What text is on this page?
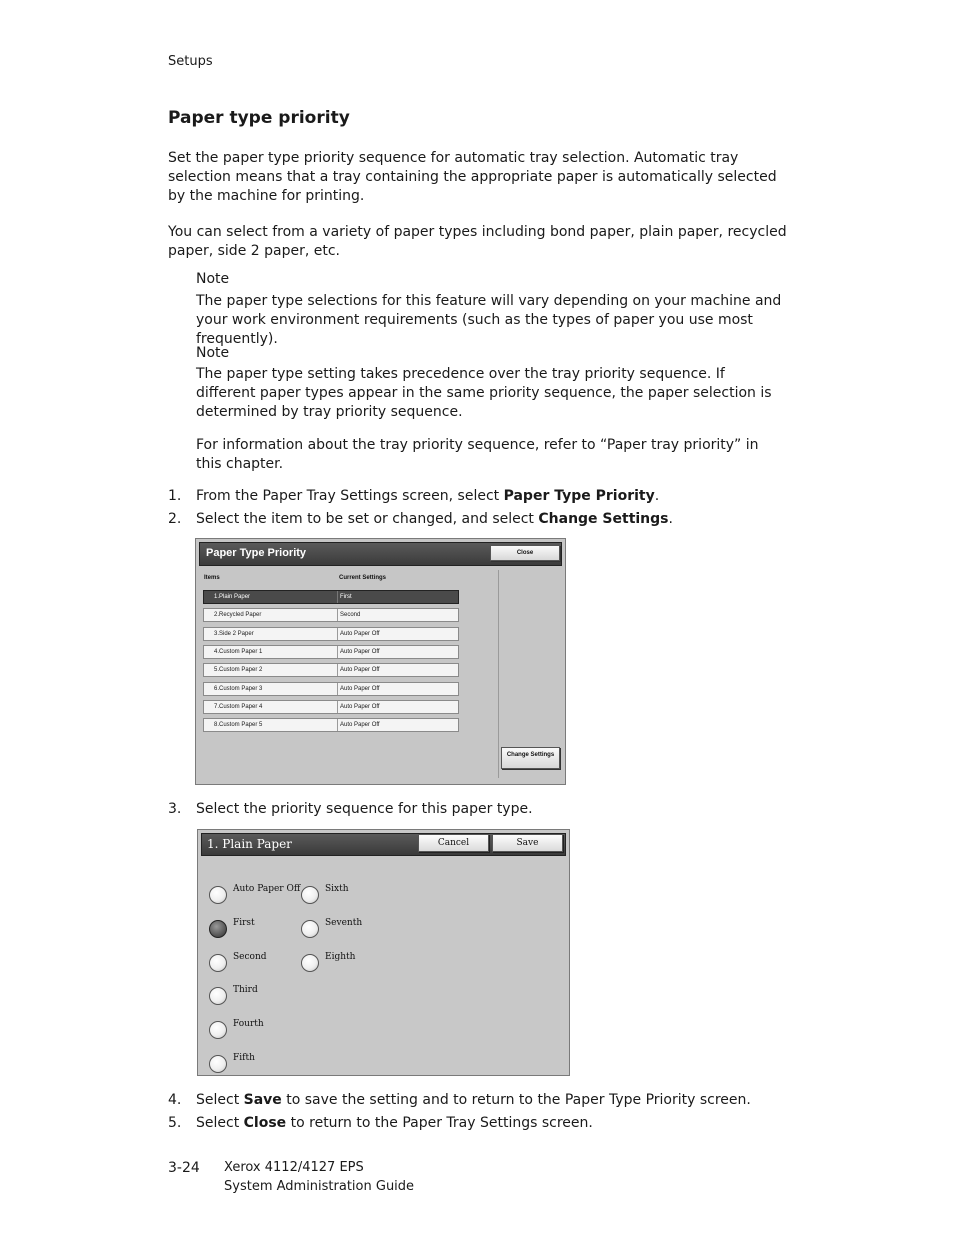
Setups
Paper type priority
Set the paper type priority sequence for automatic tray selection. Automatic tray selection means that a tray containing the appropriate paper is automatically selected by the machine for printing.
You can select from a variety of paper types including bond paper, plain paper, recycled paper, side 2 paper, etc.
Note
The paper type selections for this feature will vary depending on your machine and your work environment requirements (such as the types of paper you use most frequently).
Note
The paper type setting takes precedence over the tray priority sequence. If different paper types appear in the same priority sequence, the paper selection is determined by tray priority sequence.
For information about the tray priority sequence, refer to “Paper tray priority” in this chapter.
1. From the Paper Tray Settings screen, select Paper Type Priority.
2. Select the item to be set or changed, and select Change Settings.
Paper Type Priority	Close
Items	Current Settings
1.Plain Paper	First
2.Recycled Paper	Second
3.Side 2 Paper	Auto Paper Off
4.Custom Paper 1	Auto Paper Off
5.Custom Paper 2	Auto Paper Off
6.Custom Paper 3	Auto Paper Off
7.Custom Paper 4	Auto Paper Off
8.Custom Paper 5	Auto Paper Off
Change Settings
3. Select the priority sequence for this paper type.
1. Plain Paper	Cancel	Save
Auto Paper Off
First
Second
Third
Fourth
Fifth
Sixth
Seventh
Eighth
4. Select Save to save the setting and to return to the Paper Type Priority screen.
5. Select Close to return to the Paper Tray Settings screen.
3-24 Xerox 4112/4127 EPS
System Administration Guide
